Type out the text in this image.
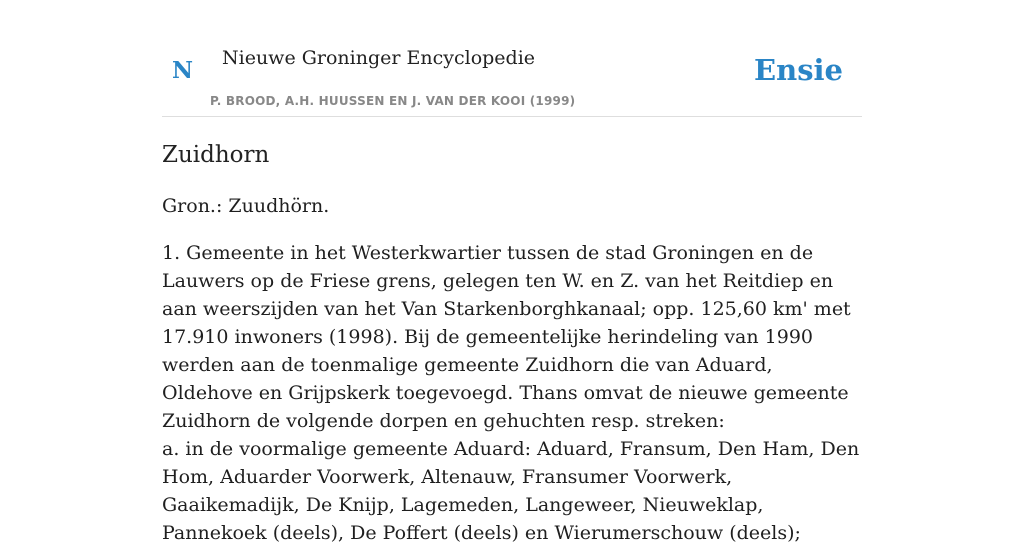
N	Nieuwe Groninger Encyclopedie
P. BROOD, A.H. HUUSSEN EN J. VAN DER KOOI (1999)
Ensie
Zuidhorn

Gron.: Zuudhörn.

1. Gemeente in het Westerkwartier tussen de stad Groningen en de Lauwers op de Friese grens, gelegen ten W. en Z. van het Reitdiep en aan weerszijden van het Van Starkenborghkanaal; opp. 125,60 km' met 17.910 inwoners (1998). Bij de gemeentelijke herindeling van 1990 werden aan de toenmalige gemeente Zuidhorn die van Aduard, Oldehove en Grijpskerk toegevoegd. Thans omvat de nieuwe gemeente Zuidhorn de volgende dorpen en gehuchten resp. streken:

a. in de voormalige gemeente Aduard: Aduard, Fransum, Den Ham, Den Hom, Aduarder Voorwerk, Altenauw, Fransumer Voorwerk, Gaaikemadijk, De Knijp, Lagemeden, Langeweer, Nieuweklap, Pannekoek (deels), De Poffert (deels) en Wierumerschouw (deels);
